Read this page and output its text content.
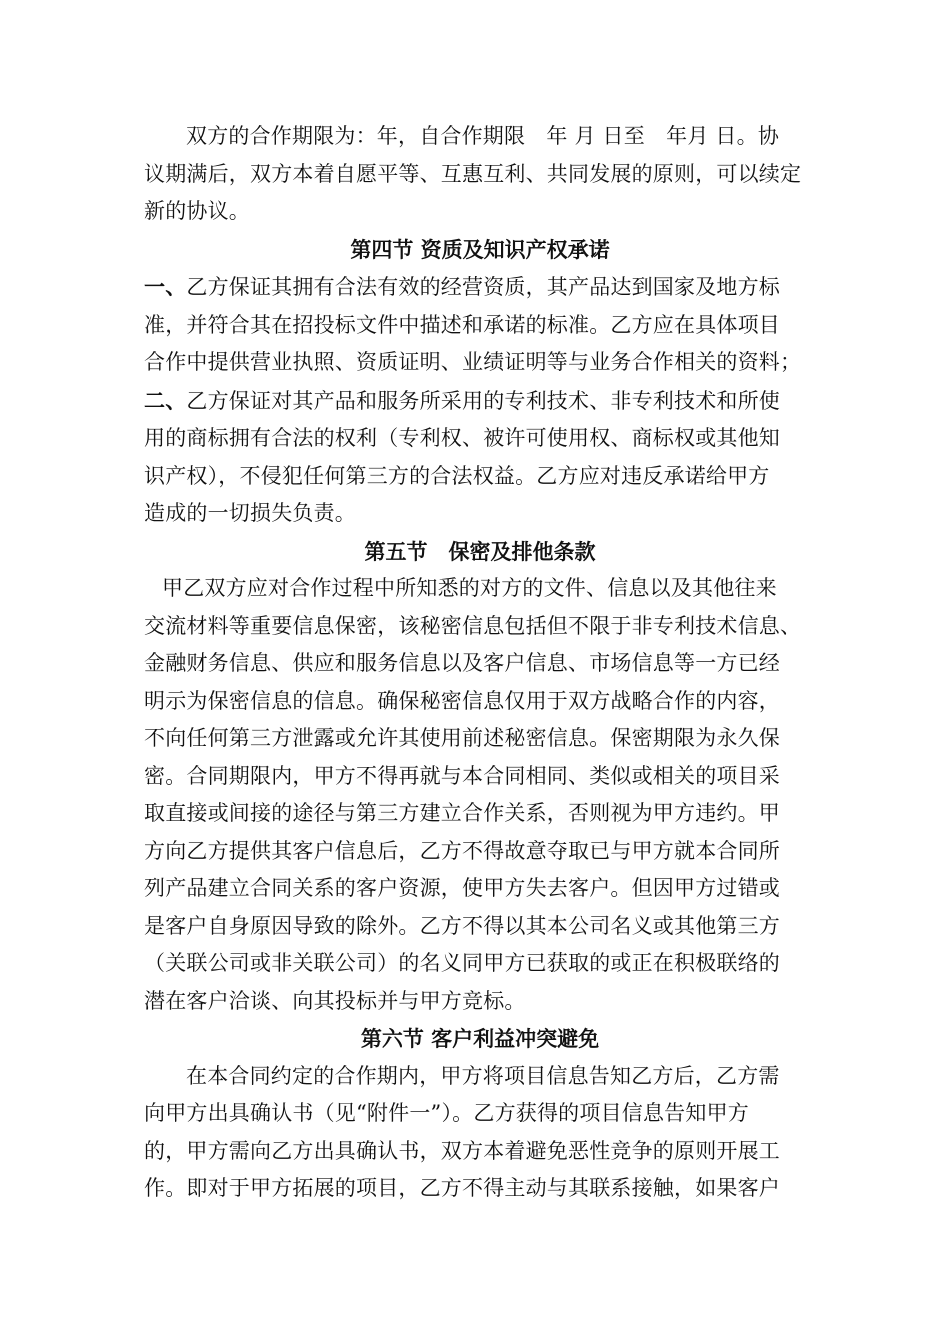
双方的合作期限为：年，自合作期限　年 月 日至　年月 日。协
议期满后，双方本着自愿平等、互惠互利、共同发展的原则，可以续定
新的协议。

第四节 资质及知识产权承诺

一、乙方保证其拥有合法有效的经营资质，其产品达到国家及地方标
准，并符合其在招投标文件中描述和承诺的标准。乙方应在具体项目
合作中提供营业执照、资质证明、业绩证明等与业务合作相关的资料；

二、乙方保证对其产品和服务所采用的专利技术、非专利技术和所使
用的商标拥有合法的权利（专利权、被许可使用权、商标权或其他知
识产权），不侵犯任何第三方的合法权益。乙方应对违反承诺给甲方
造成的一切损失负责。

第五节　保密及排他条款

甲乙双方应对合作过程中所知悉的对方的文件、信息以及其他往来
交流材料等重要信息保密，该秘密信息包括但不限于非专利技术信息、
金融财务信息、供应和服务信息以及客户信息、市场信息等一方已经
明示为保密信息的信息。确保秘密信息仅用于双方战略合作的内容，
不向任何第三方泄露或允许其使用前述秘密信息。保密期限为永久保
密。合同期限内，甲方不得再就与本合同相同、类似或相关的项目采
取直接或间接的途径与第三方建立合作关系，否则视为甲方违约。甲
方向乙方提供其客户信息后，乙方不得故意夺取已与甲方就本合同所
列产品建立合同关系的客户资源，使甲方失去客户。但因甲方过错或
是客户自身原因导致的除外。乙方不得以其本公司名义或其他第三方
（关联公司或非关联公司）的名义同甲方已获取的或正在积极联络的
潜在客户洽谈、向其投标并与甲方竞标。

第六节 客户利益冲突避免

在本合同约定的合作期内，甲方将项目信息告知乙方后，乙方需
向甲方出具确认书（见“附件一”）。乙方获得的项目信息告知甲方
的，甲方需向乙方出具确认书，双方本着避免恶性竞争的原则开展工
作。即对于甲方拓展的项目，乙方不得主动与其联系接触，如果客户
